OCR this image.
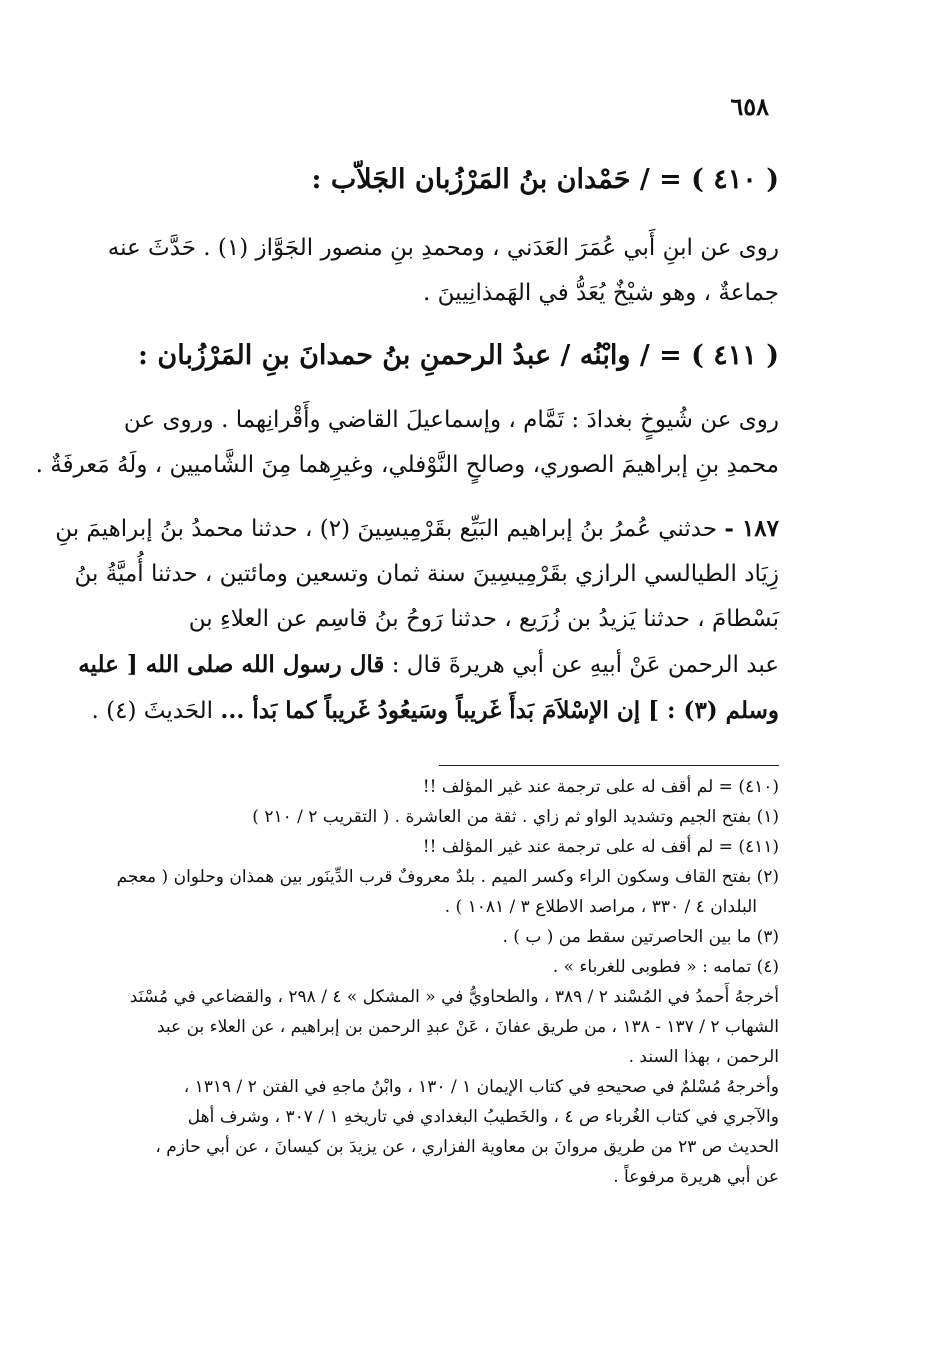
٦٥٨
( ٤١٠ ) = / حَمْدان بنُ المَرْزُبان الجَلاّب :
روى عن ابنِ أَبي عُمَرَ العَدَني ، ومحمدِ بنِ منصور الجَوَّاز (١) . حَدَّثَ عنه
جماعةٌ ، وهو شيْخٌ يُعَدُّ في الهَمذانِيينَ .
( ٤١١ ) = / وابْنُه / عبدُ الرحمنِ بنُ حمدانَ بنِ المَرْزُبان :
روى عن شُيوخٍ بغدادَ : تَمَّام ، وإسماعيلَ القاضي وأَقْرانِهما . وروى عن
محمدِ بنِ إبراهيمَ الصوري، وصالحٍ النَّوْفلي، وغيرِهما مِنَ الشَّاميين ، ولَهُ مَعرفَةٌ .
١٨٧ - حدثني عُمرُ بنُ إبراهيم البَيِّع بقَرْمِيسِينَ (٢) ، حدثنا محمدُ بنُ إبراهيمَ بنِ
زِيَاد الطيالسي الرازي بقَرْمِيسِينَ سنة ثمان وتسعين ومائتين ، حدثنا أُميَّةُ بنُ
بَسْطامَ ، حدثنا يَزيدُ بن زُرَيع ، حدثنا رَوحُ بنُ قاسِم عن العلاءِ بن
عبد الرحمن عَنْ أبيهِ عن أبي هريرةَ قال : قال رسول الله صلى الله [ عليه
وسلم (٣) : ] إن الإسْلاَمَ بَدأَ غَريباً وسَيعُودُ غَريباً كما بَدأ ... الحَديثَ (٤) .

(٤١٠) = لم أقف له على ترجمة عند غير المؤلف !!

(١) بفتح الجيم وتشديد الواو ثم زاي . ثقة من العاشرة . ( التقريب ٢ / ٢١٠ )

(٤١١) = لم أقف له على ترجمة عند غير المؤلف !!

(٢) بفتح القاف وسكون الراء وكسر الميم . بلدٌ معروفٌ قرب الدِّينَور بين همذان وحلوان ( معجم

البلدان ٤ / ٣٣٠ ، مراصد الاطلاع ٣ / ١٠٨١ ) .

(٣) ما بين الحاصرتين سقط من ( ب ) .

(٤) تمامه : « فطوبى للغرباء » .

أخرجهُ أَحمدُ في المُسْند ٢ / ٣٨٩ ، والطحاويُّ في « المشكل » ٤ / ٢٩٨ ، والقضاعي في مُسْنَد

الشهاب ٢ / ١٣٧ - ١٣٨ ، من طريق عفانَ ، عَنْ عبدِ الرحمن بن إبراهيم ، عن العلاء بن عبد

الرحمن ، بهذا السند .

وأخرجهُ مُسْلمٌ في صحيحهِ في كتاب الإيمان ١ / ١٣٠ ، وابْنُ ماجهِ في الفتن ٢ / ١٣١٩ ،

والآجري في كتاب الغُرباء ص ٤ ، والخَطيبُ البغدادي في تاريخهِ ١ / ٣٠٧ ، وشرف أهل

الحديث ص ٢٣ من طريق مروانَ بن معاوية الفزاري ، عن يزيدَ بن كيسانَ ، عن أبي حازم ،

عن أبي هريرة مرفوعاً .
